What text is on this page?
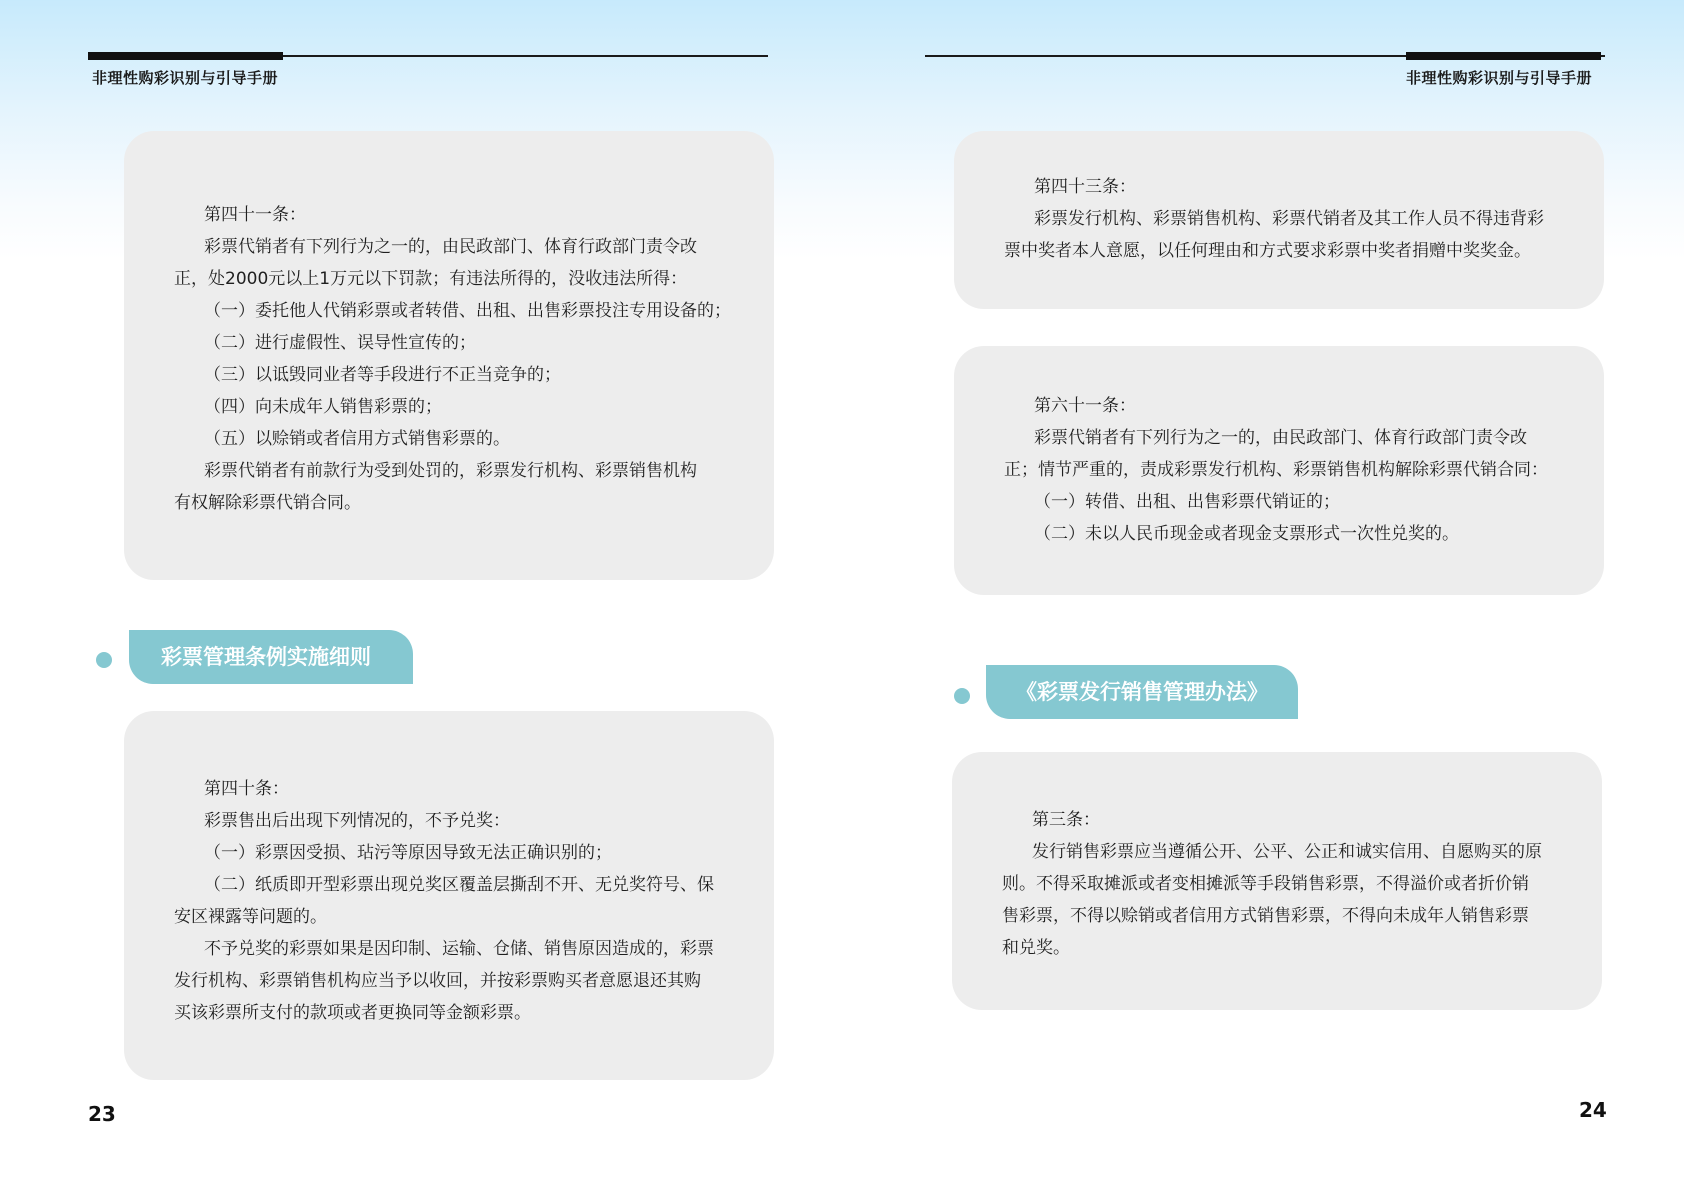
非理性购彩识别与引导手册

第四十一条：

彩票代销者有下列行为之一的，由民政部门、体育行政部门责令改

正，处2000元以上1万元以下罚款；有违法所得的，没收违法所得：

（一）委托他人代销彩票或者转借、出租、出售彩票投注专用设备的；

（二）进行虚假性、误导性宣传的；

（三）以诋毁同业者等手段进行不正当竞争的；

（四）向未成年人销售彩票的；

（五）以赊销或者信用方式销售彩票的。

彩票代销者有前款行为受到处罚的，彩票发行机构、彩票销售机构

有权解除彩票代销合同。

彩票管理条例实施细则

第四十条：

彩票售出后出现下列情况的，不予兑奖：

（一）彩票因受损、玷污等原因导致无法正确识别的；

（二）纸质即开型彩票出现兑奖区覆盖层撕刮不开、无兑奖符号、保

安区裸露等问题的。

不予兑奖的彩票如果是因印制、运输、仓储、销售原因造成的，彩票

发行机构、彩票销售机构应当予以收回，并按彩票购买者意愿退还其购

买该彩票所支付的款项或者更换同等金额彩票。

23
非理性购彩识别与引导手册

第四十三条：

彩票发行机构、彩票销售机构、彩票代销者及其工作人员不得违背彩

票中奖者本人意愿，以任何理由和方式要求彩票中奖者捐赠中奖奖金。

第六十一条：

彩票代销者有下列行为之一的，由民政部门、体育行政部门责令改

正；情节严重的，责成彩票发行机构、彩票销售机构解除彩票代销合同：

（一）转借、出租、出售彩票代销证的；

（二）未以人民币现金或者现金支票形式一次性兑奖的。

《彩票发行销售管理办法》

第三条：

发行销售彩票应当遵循公开、公平、公正和诚实信用、自愿购买的原

则。不得采取摊派或者变相摊派等手段销售彩票，不得溢价或者折价销

售彩票，不得以赊销或者信用方式销售彩票，不得向未成年人销售彩票

和兑奖。

24
